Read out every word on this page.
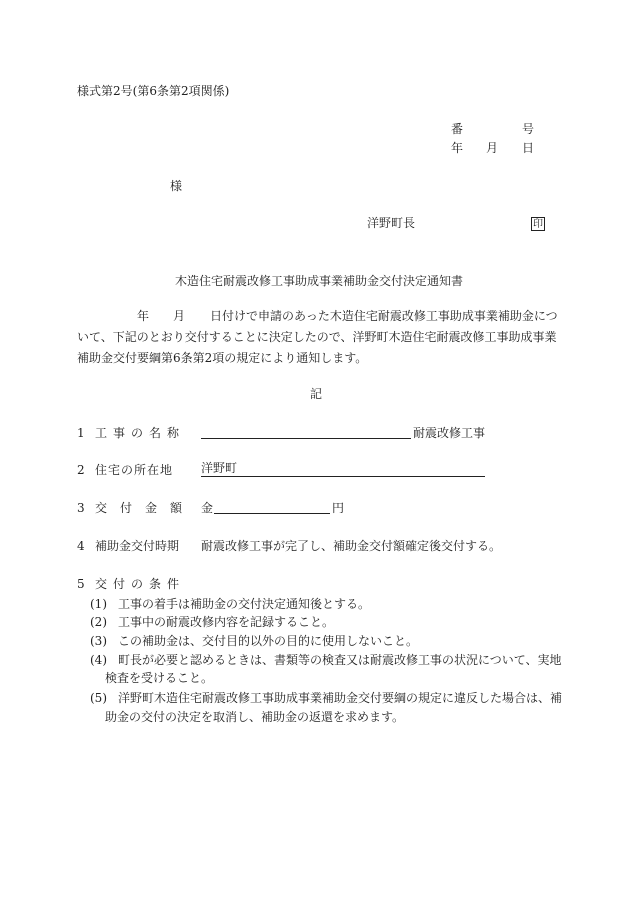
様式第2号(第6条第2項関係)
番	号
年 月 日
様
洋野町長	印
木造住宅耐震改修工事助成事業補助金交付決定通知書
年 月 日付けで申請のあった木造住宅耐震改修工事助成事業補助金につ
いて、下記のとおり交付することに決定したので、洋野町木造住宅耐震改修工事助成事業
補助金交付要綱第6条第2項の規定により通知します。
記
1 工事の名称	耐震改修工事
2 住宅の所在地 洋野町
3 交付金額 金	円
4 補助金交付時期 耐震改修工事が完了し、補助金交付額確定後交付する。
5 交付の条件
(1) 工事の着手は補助金の交付決定通知後とする。
(2) 工事中の耐震改修内容を記録すること。
(3) この補助金は、交付目的以外の目的に使用しないこと。
(4) 町長が必要と認めるときは、書類等の検査又は耐震改修工事の状況について、実地
検査を受けること。
(5) 洋野町木造住宅耐震改修工事助成事業補助金交付要綱の規定に違反した場合は、補
助金の交付の決定を取消し、補助金の返還を求めます。
